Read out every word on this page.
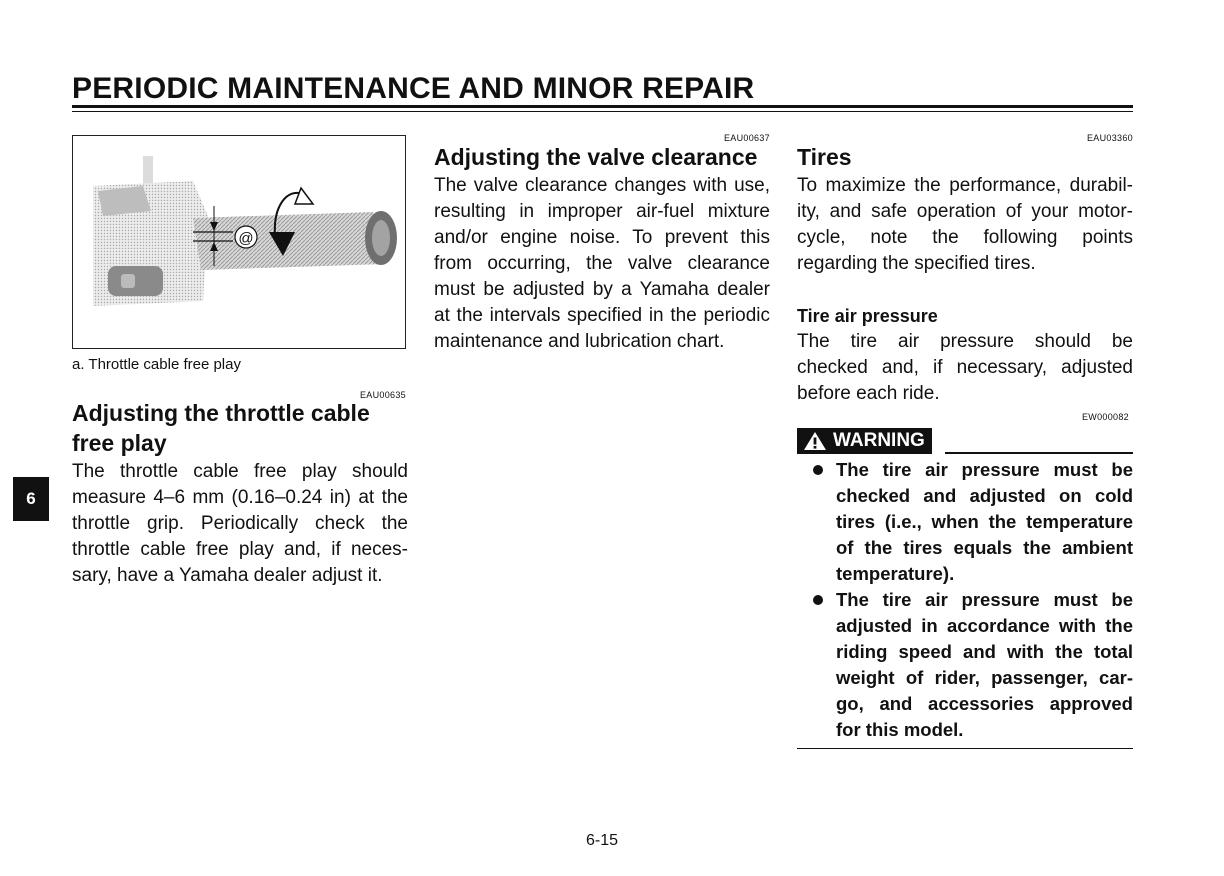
PERIODIC MAINTENANCE AND MINOR REPAIR
6
@
a. Throttle cable free play
EAU00635
Adjusting the throttle cable
free play
The throttle cable free play should
measure 4–6 mm (0.16–0.24 in) at the
throttle grip. Periodically check the
throttle cable free play and, if neces-
sary, have a Yamaha dealer adjust it.
EAU00637
Adjusting the valve clearance
The valve clearance changes with use,
resulting in improper air-fuel mixture
and/or engine noise. To prevent this
from occurring, the valve clearance
must be adjusted by a Yamaha dealer
at the intervals specified in the periodic
maintenance and lubrication chart.
EAU03360
Tires
To maximize the performance, durabil-
ity, and safe operation of your motor-
cycle, note the following points
regarding the specified tires.
Tire air pressure
The tire air pressure should be
checked and, if necessary, adjusted
before each ride.
EW000082
WARNING
The tire air pressure must be
checked and adjusted on cold
tires (i.e., when the temperature
of the tires equals the ambient
temperature).
The tire air pressure must be
adjusted in accordance with the
riding speed and with the total
weight of rider, passenger, car-
go, and accessories approved
for this model.
6-15
